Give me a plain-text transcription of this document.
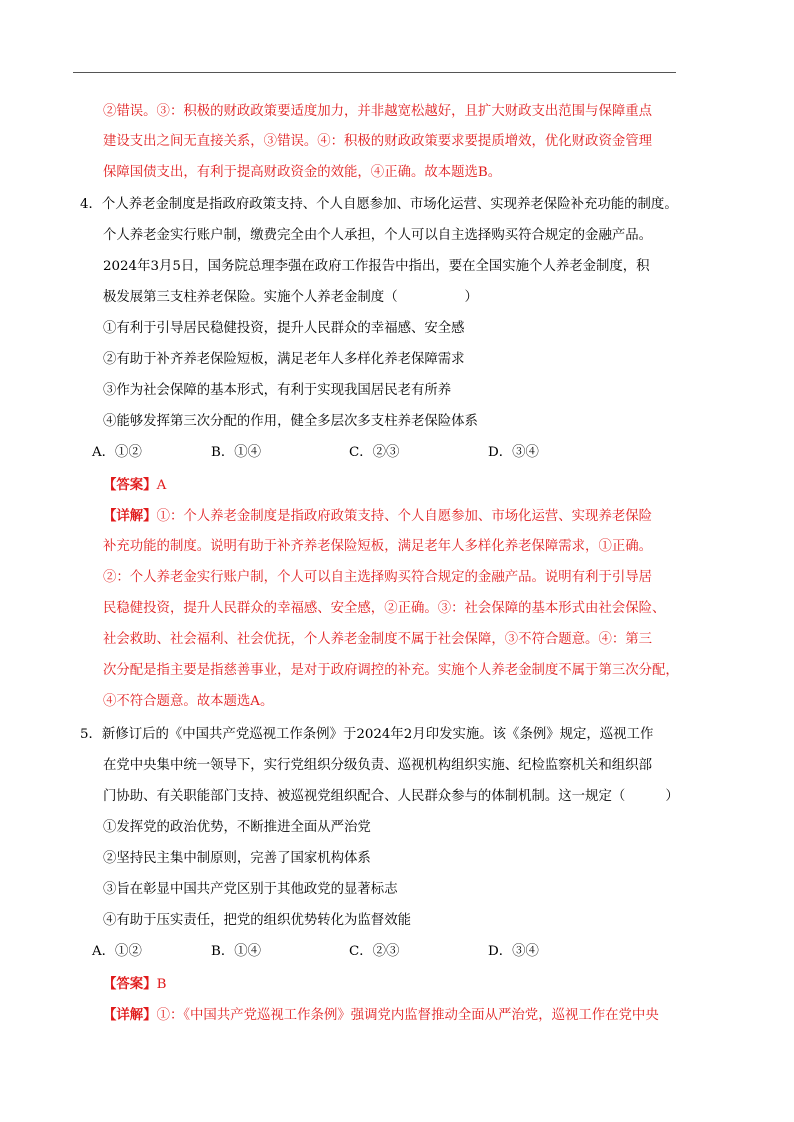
②错误。③：积极的财政政策要适度加力，并非越宽松越好，且扩大财政支出范围与保障重点
建设支出之间无直接关系，③错误。④：积极的财政政策要求要提质增效，优化财政资金管理
保障国债支出，有利于提高财政资金的效能，④正确。故本题选B。
4．个人养老金制度是指政府政策支持、个人自愿参加、市场化运营、实现养老保险补充功能的制度。
个人养老金实行账户制，缴费完全由个人承担，个人可以自主选择购买符合规定的金融产品。
2024年3月5日，国务院总理李强在政府工作报告中指出，要在全国实施个人养老金制度，积
极发展第三支柱养老保险。实施个人养老金制度（　　　　　）
①有利于引导居民稳健投资，提升人民群众的幸福感、安全感
②有助于补齐养老保险短板，满足老年人多样化养老保障需求
③作为社会保障的基本形式，有利于实现我国居民老有所养
④能够发挥第三次分配的作用，健全多层次多支柱养老保险体系
A．①②	B．①④	C．②③	D．③④
【答案】A
【详解】①：个人养老金制度是指政府政策支持、个人自愿参加、市场化运营、实现养老保险
补充功能的制度。说明有助于补齐养老保险短板，满足老年人多样化养老保障需求，①正确。
②：个人养老金实行账户制，个人可以自主选择购买符合规定的金融产品。说明有利于引导居
民稳健投资，提升人民群众的幸福感、安全感，②正确。③：社会保障的基本形式由社会保险、
社会救助、社会福利、社会优抚，个人养老金制度不属于社会保障，③不符合题意。④：第三
次分配是指主要是指慈善事业，是对于政府调控的补充。实施个人养老金制度不属于第三次分配，
④不符合题意。故本题选A。
5．新修订后的《中国共产党巡视工作条例》于2024年2月印发实施。该《条例》规定，巡视工作
在党中央集中统一领导下，实行党组织分级负责、巡视机构组织实施、纪检监察机关和组织部
门协助、有关职能部门支持、被巡视党组织配合、人民群众参与的体制机制。这一规定（　　　）
①发挥党的政治优势，不断推进全面从严治党
②坚持民主集中制原则，完善了国家机构体系
③旨在彰显中国共产党区别于其他政党的显著标志
④有助于压实责任，把党的组织优势转化为监督效能
A．①②	B．①④	C．②③	D．③④
【答案】B
【详解】①：《中国共产党巡视工作条例》强调党内监督推动全面从严治党，巡视工作在党中央
